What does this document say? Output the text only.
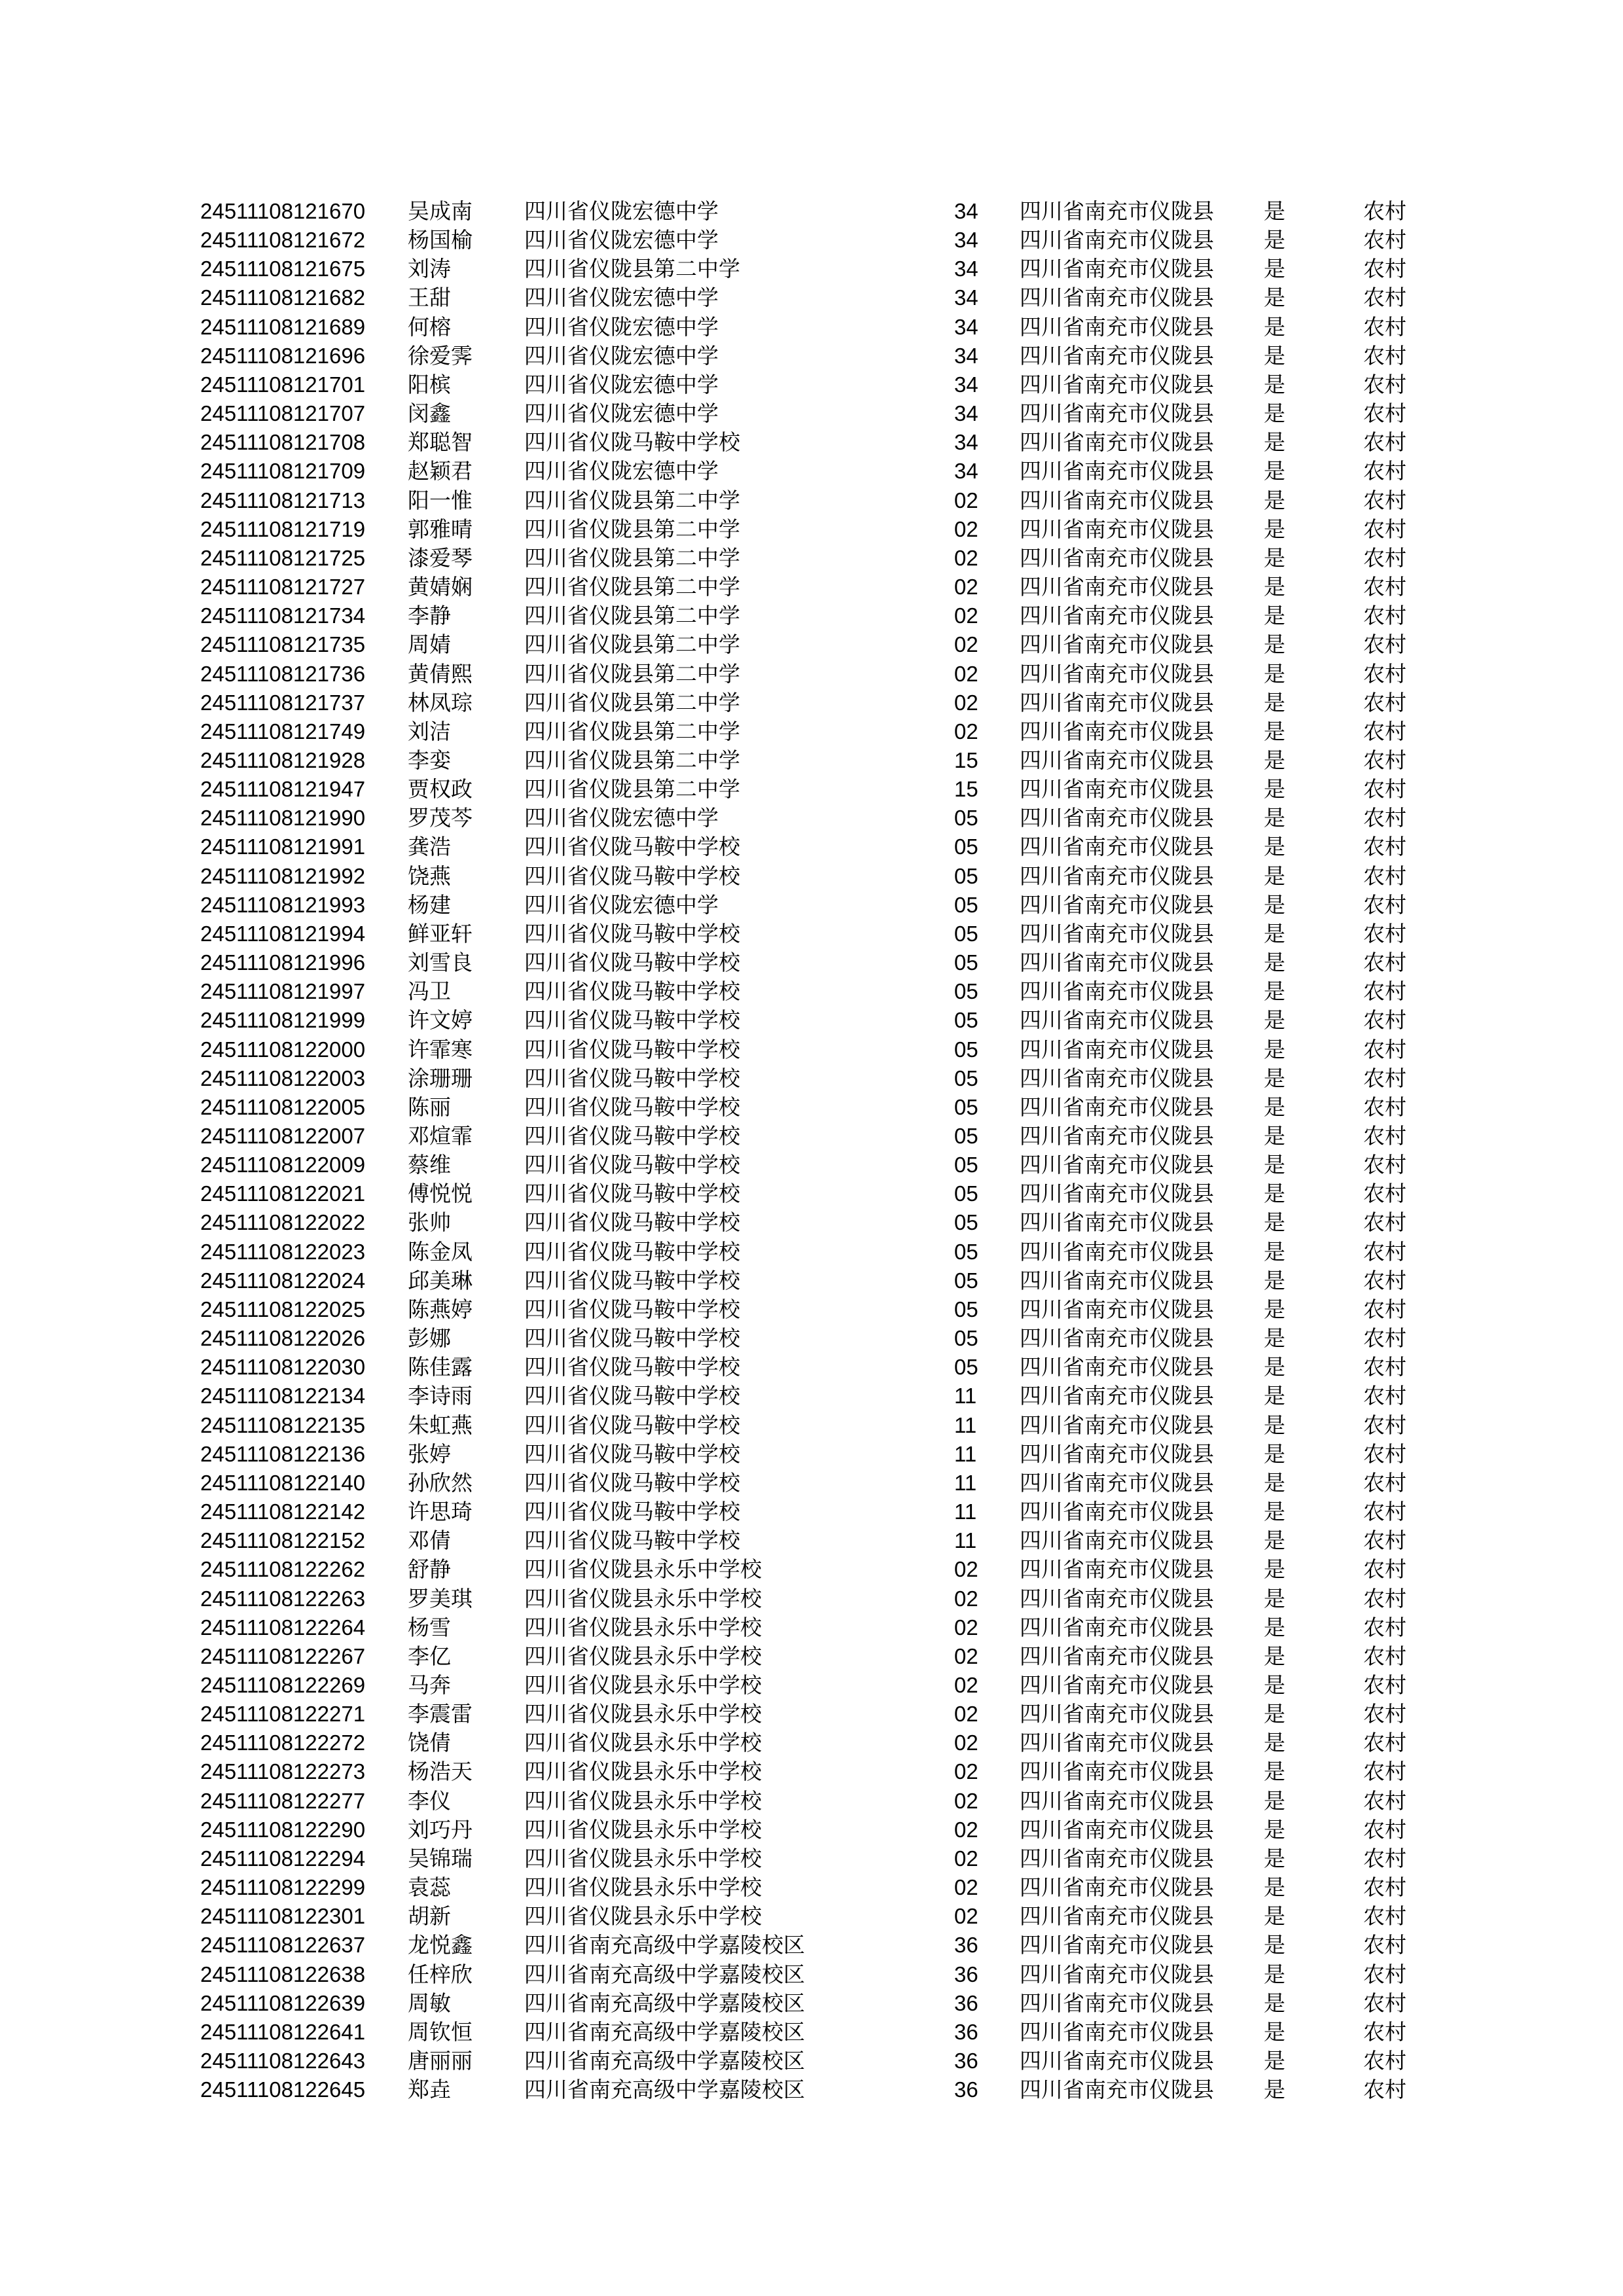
24511108121670 吴成南 四川省仪陇宏德中学	34 四川省南充市仪陇县 是	农村
24511108121672 杨国榆 四川省仪陇宏德中学	34 四川省南充市仪陇县 是	农村
24511108121675 刘涛	四川省仪陇县第二中学	34 四川省南充市仪陇县 是	农村
24511108121682 王甜	四川省仪陇宏德中学	34 四川省南充市仪陇县 是	农村
24511108121689 何榕	四川省仪陇宏德中学	34 四川省南充市仪陇县 是	农村
24511108121696 徐爱霁 四川省仪陇宏德中学	34 四川省南充市仪陇县 是	农村
24511108121701 阳槟	四川省仪陇宏德中学	34 四川省南充市仪陇县 是	农村
24511108121707 闵鑫	四川省仪陇宏德中学	34 四川省南充市仪陇县 是	农村
24511108121708 郑聪智 四川省仪陇马鞍中学校	34 四川省南充市仪陇县 是	农村
24511108121709 赵颖君 四川省仪陇宏德中学	34 四川省南充市仪陇县 是	农村
24511108121713 阳一惟 四川省仪陇县第二中学	02 四川省南充市仪陇县 是	农村
24511108121719 郭雅晴 四川省仪陇县第二中学	02 四川省南充市仪陇县 是	农村
24511108121725 漆爱琴 四川省仪陇县第二中学	02 四川省南充市仪陇县 是	农村
24511108121727 黄婧娴 四川省仪陇县第二中学	02 四川省南充市仪陇县 是	农村
24511108121734 李静	四川省仪陇县第二中学	02 四川省南充市仪陇县 是	农村
24511108121735 周婧	四川省仪陇县第二中学	02 四川省南充市仪陇县 是	农村
24511108121736 黄倩熙 四川省仪陇县第二中学	02 四川省南充市仪陇县 是	农村
24511108121737 林凤琮 四川省仪陇县第二中学	02 四川省南充市仪陇县 是	农村
24511108121749 刘洁	四川省仪陇县第二中学	02 四川省南充市仪陇县 是	农村
24511108121928 李娈	四川省仪陇县第二中学	15 四川省南充市仪陇县 是	农村
24511108121947 贾权政 四川省仪陇县第二中学	15 四川省南充市仪陇县 是	农村
24511108121990 罗茂芩 四川省仪陇宏德中学	05 四川省南充市仪陇县 是	农村
24511108121991 龚浩	四川省仪陇马鞍中学校	05 四川省南充市仪陇县 是	农村
24511108121992 饶燕	四川省仪陇马鞍中学校	05 四川省南充市仪陇县 是	农村
24511108121993 杨建	四川省仪陇宏德中学	05 四川省南充市仪陇县 是	农村
24511108121994 鲜亚轩 四川省仪陇马鞍中学校	05 四川省南充市仪陇县 是	农村
24511108121996 刘雪良 四川省仪陇马鞍中学校	05 四川省南充市仪陇县 是	农村
24511108121997 冯卫	四川省仪陇马鞍中学校	05 四川省南充市仪陇县 是	农村
24511108121999 许文婷 四川省仪陇马鞍中学校	05 四川省南充市仪陇县 是	农村
24511108122000 许霏寒 四川省仪陇马鞍中学校	05 四川省南充市仪陇县 是	农村
24511108122003 涂珊珊 四川省仪陇马鞍中学校	05 四川省南充市仪陇县 是	农村
24511108122005 陈丽	四川省仪陇马鞍中学校	05 四川省南充市仪陇县 是	农村
24511108122007 邓煊霏 四川省仪陇马鞍中学校	05 四川省南充市仪陇县 是	农村
24511108122009 蔡维	四川省仪陇马鞍中学校	05 四川省南充市仪陇县 是	农村
24511108122021 傅悦悦 四川省仪陇马鞍中学校	05 四川省南充市仪陇县 是	农村
24511108122022 张帅	四川省仪陇马鞍中学校	05 四川省南充市仪陇县 是	农村
24511108122023 陈金凤 四川省仪陇马鞍中学校	05 四川省南充市仪陇县 是	农村
24511108122024 邱美琳 四川省仪陇马鞍中学校	05 四川省南充市仪陇县 是	农村
24511108122025 陈燕婷 四川省仪陇马鞍中学校	05 四川省南充市仪陇县 是	农村
24511108122026 彭娜	四川省仪陇马鞍中学校	05 四川省南充市仪陇县 是	农村
24511108122030 陈佳露 四川省仪陇马鞍中学校	05 四川省南充市仪陇县 是	农村
24511108122134 李诗雨 四川省仪陇马鞍中学校	11 四川省南充市仪陇县 是	农村
24511108122135 朱虹燕 四川省仪陇马鞍中学校	11 四川省南充市仪陇县 是	农村
24511108122136 张婷	四川省仪陇马鞍中学校	11 四川省南充市仪陇县 是	农村
24511108122140 孙欣然 四川省仪陇马鞍中学校	11 四川省南充市仪陇县 是	农村
24511108122142 许思琦 四川省仪陇马鞍中学校	11 四川省南充市仪陇县 是	农村
24511108122152 邓倩	四川省仪陇马鞍中学校	11 四川省南充市仪陇县 是	农村
24511108122262 舒静	四川省仪陇县永乐中学校	02 四川省南充市仪陇县 是	农村
24511108122263 罗美琪 四川省仪陇县永乐中学校	02 四川省南充市仪陇县 是	农村
24511108122264 杨雪	四川省仪陇县永乐中学校	02 四川省南充市仪陇县 是	农村
24511108122267 李亿	四川省仪陇县永乐中学校	02 四川省南充市仪陇县 是	农村
24511108122269 马奔	四川省仪陇县永乐中学校	02 四川省南充市仪陇县 是	农村
24511108122271 李震雷 四川省仪陇县永乐中学校	02 四川省南充市仪陇县 是	农村
24511108122272 饶倩	四川省仪陇县永乐中学校	02 四川省南充市仪陇县 是	农村
24511108122273 杨浩天 四川省仪陇县永乐中学校	02 四川省南充市仪陇县 是	农村
24511108122277 李仪	四川省仪陇县永乐中学校	02 四川省南充市仪陇县 是	农村
24511108122290 刘巧丹 四川省仪陇县永乐中学校	02 四川省南充市仪陇县 是	农村
24511108122294 吴锦瑞 四川省仪陇县永乐中学校	02 四川省南充市仪陇县 是	农村
24511108122299 袁蕊	四川省仪陇县永乐中学校	02 四川省南充市仪陇县 是	农村
24511108122301 胡新	四川省仪陇县永乐中学校	02 四川省南充市仪陇县 是	农村
24511108122637 龙悦鑫 四川省南充高级中学嘉陵校区	36 四川省南充市仪陇县 是	农村
24511108122638 任梓欣 四川省南充高级中学嘉陵校区	36 四川省南充市仪陇县 是	农村
24511108122639 周敏	四川省南充高级中学嘉陵校区	36 四川省南充市仪陇县 是	农村
24511108122641 周钦恒 四川省南充高级中学嘉陵校区	36 四川省南充市仪陇县 是	农村
24511108122643 唐丽丽 四川省南充高级中学嘉陵校区	36 四川省南充市仪陇县 是	农村
24511108122645 郑垚	四川省南充高级中学嘉陵校区	36 四川省南充市仪陇县 是	农村
